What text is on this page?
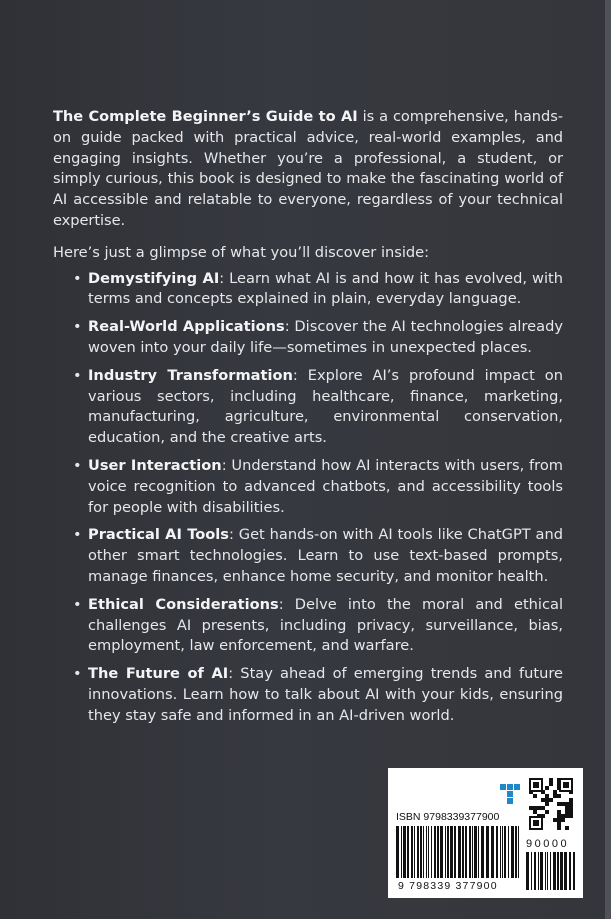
The Complete Beginner’s Guide to AI is a comprehensive, hands-on guide packed with practical advice, real-world examples, and engaging insights. Whether you’re a professional, a student, or simply curious, this book is designed to make the fascinating world of AI accessible and relatable to everyone, regardless of your technical expertise.

Here’s just a glimpse of what you’ll discover inside:

• Demystifying AI: Learn what AI is and how it has evolved, with terms and concepts explained in plain, everyday language.
• Real-World Applications: Discover the AI technologies already woven into your daily life—sometimes in unexpected places.
• Industry Transformation: Explore AI’s profound impact on various sectors, including healthcare, finance, marketing, manufacturing, agriculture, environmental conservation, education, and the creative arts.
• User Interaction: Understand how AI interacts with users, from voice recognition to advanced chatbots, and accessibility tools for people with disabilities.
• Practical AI Tools: Get hands-on with AI tools like ChatGPT and other smart technologies. Learn to use text-based prompts, manage finances, enhance home security, and monitor health.
• Ethical Considerations: Delve into the moral and ethical challenges AI presents, including privacy, surveillance, bias, employment, law enforcement, and warfare.
• The Future of AI: Stay ahead of emerging trends and future innovations. Learn how to talk about AI with your kids, ensuring they stay safe and informed in an AI-driven world.
ISBN 9798339377900
90000
9 798339 377900
